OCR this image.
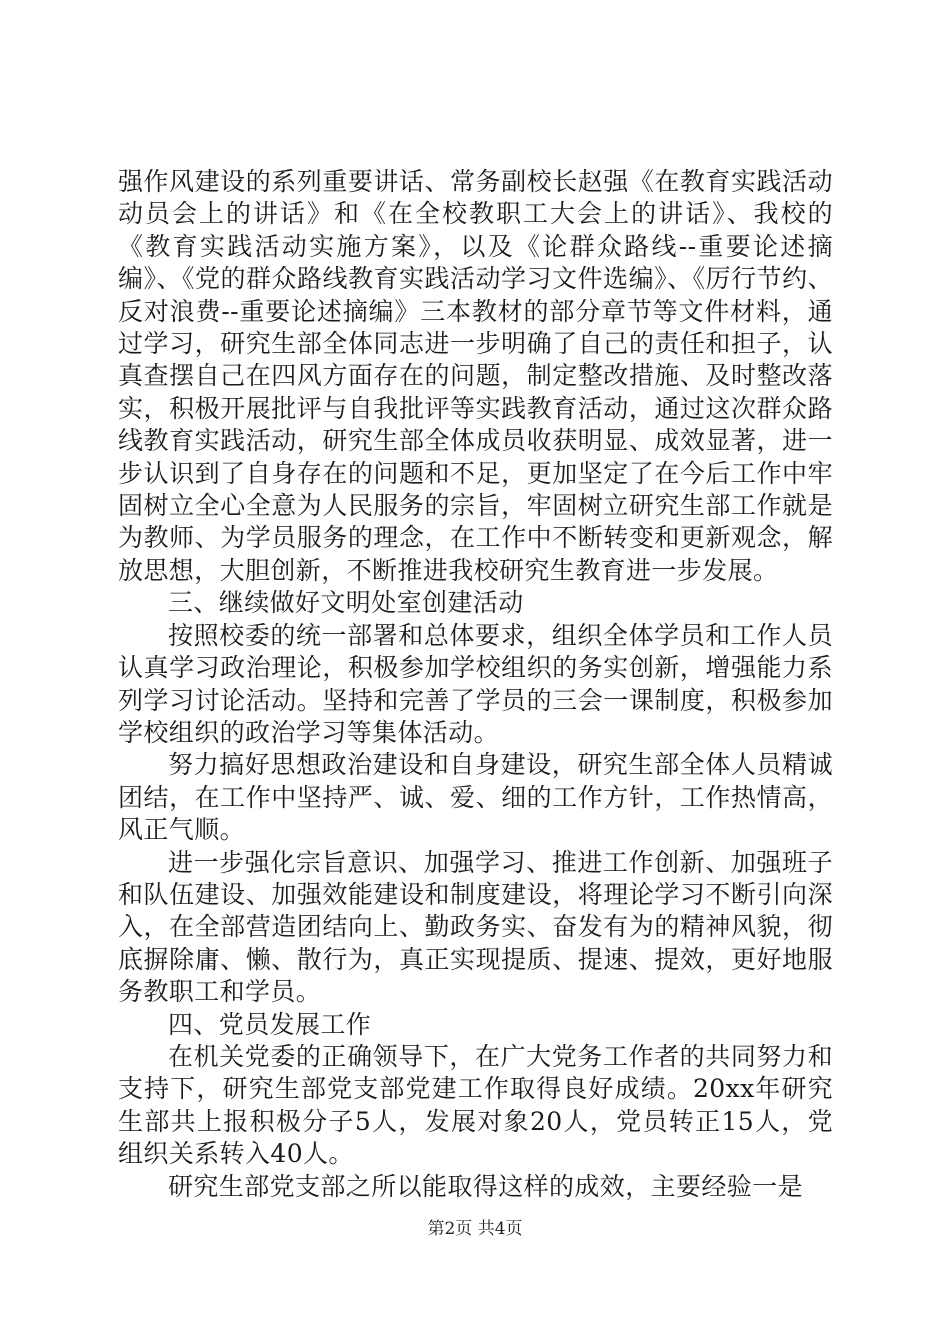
强作风建设的系列重要讲话、常务副校长赵强《在教育实践活动动员会上的讲话》和《在全校教职工大会上的讲话》、我校的《教育实践活动实施方案》，以及《论群众路线--重要论述摘编》、《党的群众路线教育实践活动学习文件选编》、《厉行节约、反对浪费--重要论述摘编》三本教材的部分章节等文件材料，通过学习，研究生部全体同志进一步明确了自己的责任和担子，认真查摆自己在四风方面存在的问题，制定整改措施、及时整改落实，积极开展批评与自我批评等实践教育活动，通过这次群众路线教育实践活动，研究生部全体成员收获明显、成效显著，进一步认识到了自身存在的问题和不足，更加坚定了在今后工作中牢固树立全心全意为人民服务的宗旨，牢固树立研究生部工作就是为教师、为学员服务的理念，在工作中不断转变和更新观念，解放思想，大胆创新，不断推进我校研究生教育进一步发展。

三、继续做好文明处室创建活动

按照校委的统一部署和总体要求，组织全体学员和工作人员认真学习政治理论，积极参加学校组织的务实创新，增强能力系列学习讨论活动。坚持和完善了学员的三会一课制度，积极参加学校组织的政治学习等集体活动。

努力搞好思想政治建设和自身建设，研究生部全体人员精诚团结，在工作中坚持严、诚、爱、细的工作方针，工作热情高，风正气顺。

进一步强化宗旨意识、加强学习、推进工作创新、加强班子和队伍建设、加强效能建设和制度建设，将理论学习不断引向深入，在全部营造团结向上、勤政务实、奋发有为的精神风貌，彻底摒除庸、懒、散行为，真正实现提质、提速、提效，更好地服务教职工和学员。

四、党员发展工作

在机关党委的正确领导下，在广大党务工作者的共同努力和支持下，研究生部党支部党建工作取得良好成绩。20xx年研究生部共上报积极分子5人，发展对象20人，党员转正15人，党组织关系转入40人。

研究生部党支部之所以能取得这样的成效，主要经验一是

第2页 共4页
